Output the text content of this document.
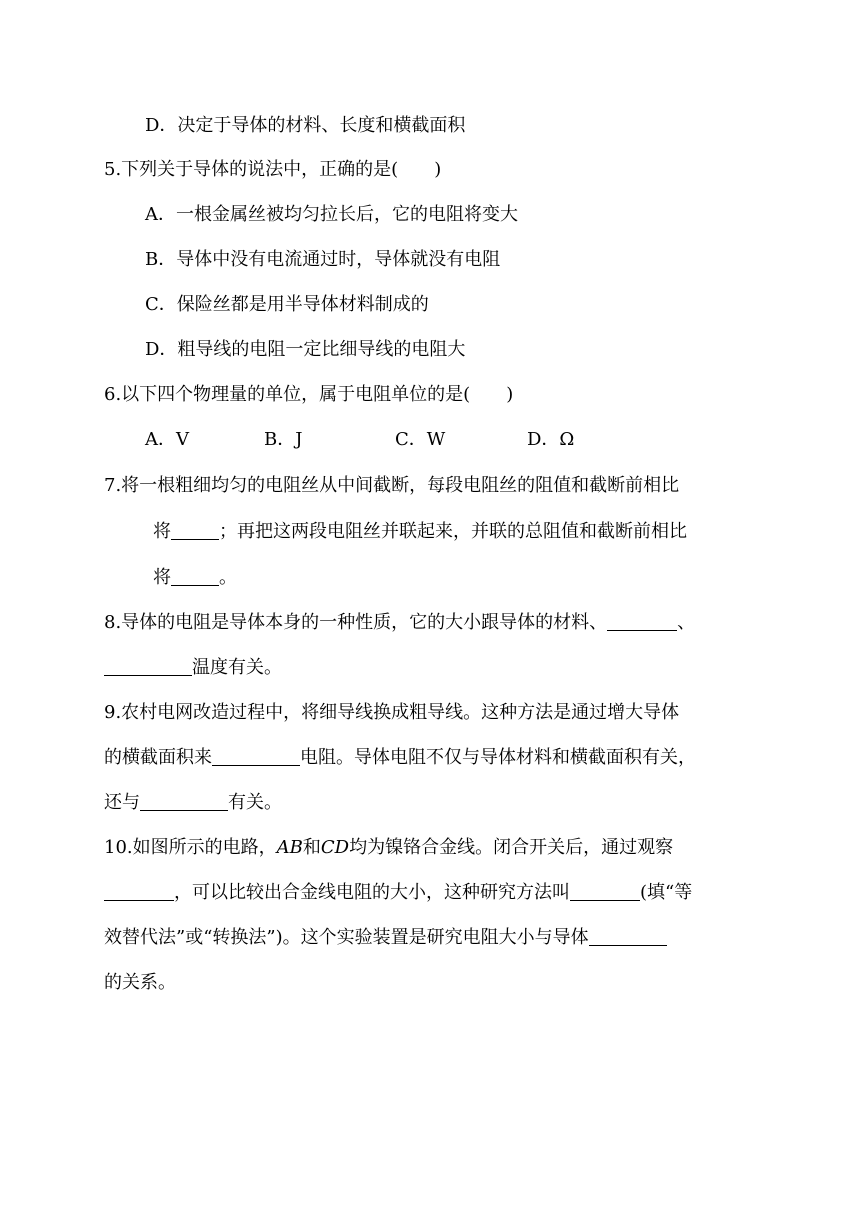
D．决定于导体的材料、长度和横截面积
5.下列关于导体的说法中，正确的是(　　)
A．一根金属丝被均匀拉长后，它的电阻将变大
B．导体中没有电流通过时，导体就没有电阻
C．保险丝都是用半导体材料制成的
D．粗导线的电阻一定比细导线的电阻大
6.以下四个物理量的单位，属于电阻单位的是(　　)
A．V	B．J	C．W	D．Ω
7.将一根粗细均匀的电阻丝从中间截断，每段电阻丝的阻值和截断前相比
将	；再把这两段电阻丝并联起来，并联的总阻值和截断前相比
将	。
8.导体的电阻是导体本身的一种性质，它的大小跟导体的材料、	、
温度有关。
9.农村电网改造过程中，将细导线换成粗导线。这种方法是通过增大导体
的横截面积来	电阻。导体电阻不仅与导体材料和横截面积有关，
还与	有关。
10.如图所示的电路，AB和CD均为镍铬合金线。闭合开关后，通过观察
，可以比较出合金线电阻的大小，这种研究方法叫	(填“等
效替代法”或“转换法”)。这个实验装置是研究电阻大小与导体
的关系。
